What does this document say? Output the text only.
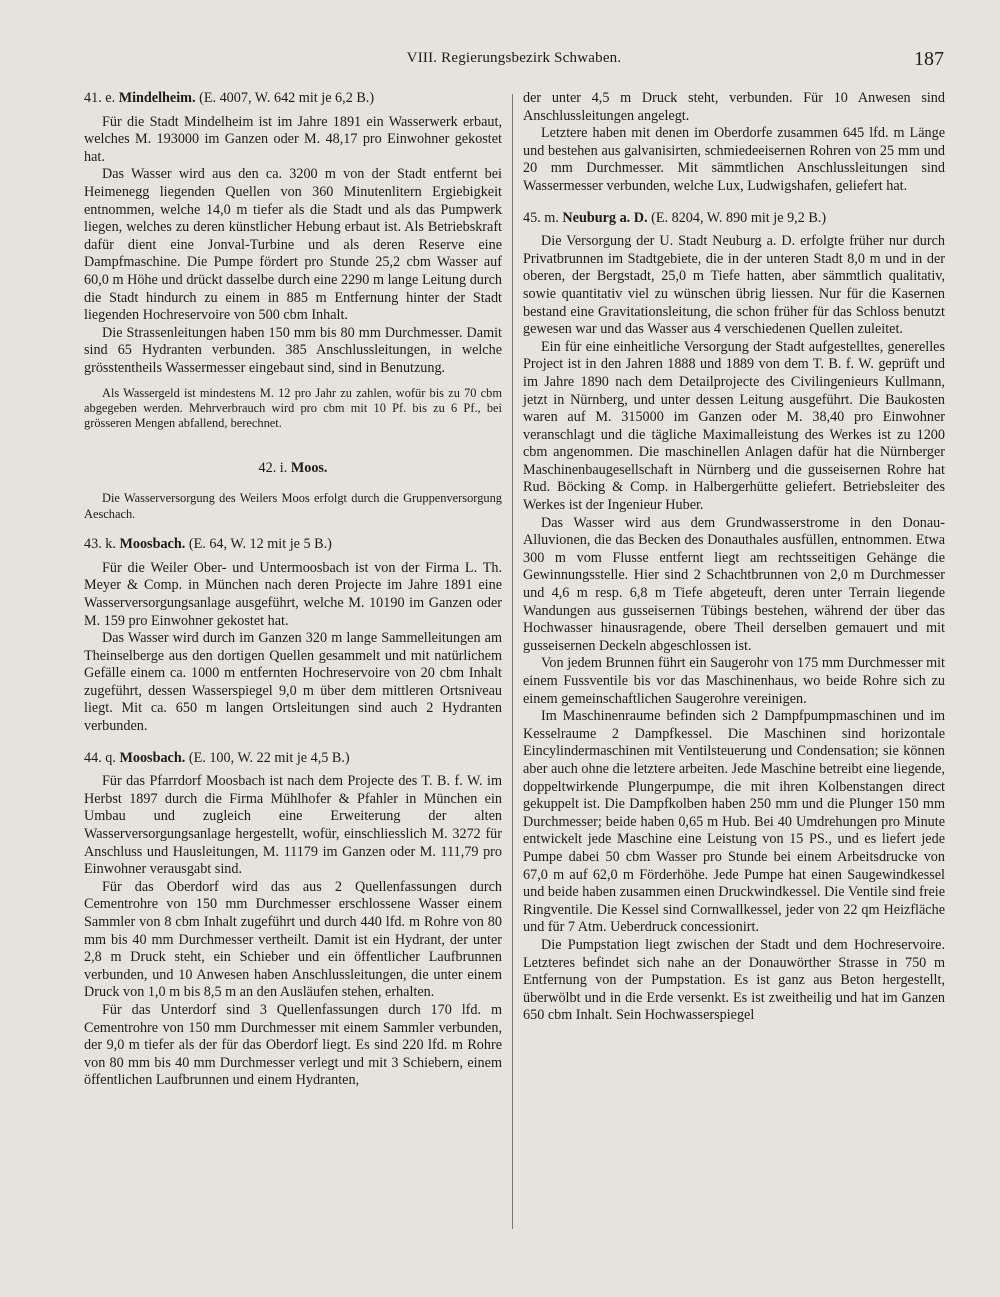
VIII. Regierungsbezirk Schwaben.	187
41. e. Mindelheim. (E. 4007, W. 642 mit je 6,2 B.)

Für die Stadt Mindelheim ist im Jahre 1891 ein Wasserwerk erbaut, welches M. 193000 im Ganzen oder M. 48,17 pro Einwohner gekostet hat.

Das Wasser wird aus den ca. 3200 m von der Stadt entfernt bei Heimenegg liegenden Quellen von 360 Minutenlitern Ergiebigkeit entnommen, welche 14,0 m tiefer als die Stadt und als das Pumpwerk liegen, welches zu deren künstlicher Hebung erbaut ist. Als Betriebskraft dafür dient eine Jonval-Turbine und als deren Reserve eine Dampfmaschine. Die Pumpe fördert pro Stunde 25,2 cbm Wasser auf 60,0 m Höhe und drückt dasselbe durch eine 2290 m lange Leitung durch die Stadt hindurch zu einem in 885 m Entfernung hinter der Stadt liegenden Hochreservoire von 500 cbm Inhalt.

Die Strassenleitungen haben 150 mm bis 80 mm Durchmesser. Damit sind 65 Hydranten verbunden. 385 Anschlussleitungen, in welche grösstentheils Wassermesser eingebaut sind, sind in Benutzung.

Als Wassergeld ist mindestens M. 12 pro Jahr zu zahlen, wofür bis zu 70 cbm abgegeben werden. Mehrverbrauch wird pro cbm mit 10 Pf. bis zu 6 Pf., bei grösseren Mengen abfallend, berechnet.

42. i. Moos.

Die Wasserversorgung des Weilers Moos erfolgt durch die Gruppenversorgung Aeschach.

43. k. Moosbach. (E. 64, W. 12 mit je 5 B.)

Für die Weiler Ober- und Untermoosbach ist von der Firma L. Th. Meyer & Comp. in München nach deren Projecte im Jahre 1891 eine Wasserversorgungsanlage ausgeführt, welche M. 10190 im Ganzen oder M. 159 pro Einwohner gekostet hat.

Das Wasser wird durch im Ganzen 320 m lange Sammelleitungen am Theinselberge aus den dortigen Quellen gesammelt und mit natürlichem Gefälle einem ca. 1000 m entfernten Hochreservoire von 20 cbm Inhalt zugeführt, dessen Wasserspiegel 9,0 m über dem mittleren Ortsniveau liegt. Mit ca. 650 m langen Ortsleitungen sind auch 2 Hydranten verbunden.

44. q. Moosbach. (E. 100, W. 22 mit je 4,5 B.)

Für das Pfarrdorf Moosbach ist nach dem Projecte des T. B. f. W. im Herbst 1897 durch die Firma Mühlhofer & Pfahler in München ein Umbau und zugleich eine Erweiterung der alten Wasserversorgungsanlage hergestellt, wofür, einschliesslich M. 3272 für Anschluss und Hausleitungen, M. 11179 im Ganzen oder M. 111,79 pro Einwohner verausgabt sind.

Für das Oberdorf wird das aus 2 Quellenfassungen durch Cementrohre von 150 mm Durchmesser erschlossene Wasser einem Sammler von 8 cbm Inhalt zugeführt und durch 440 lfd. m Rohre von 80 mm bis 40 mm Durchmesser vertheilt. Damit ist ein Hydrant, der unter 2,8 m Druck steht, ein Schieber und ein öffentlicher Laufbrunnen verbunden, und 10 Anwesen haben Anschlussleitungen, die unter einem Druck von 1,0 m bis 8,5 m an den Ausläufen stehen, erhalten.

Für das Unterdorf sind 3 Quellenfassungen durch 170 lfd. m Cementrohre von 150 mm Durchmesser mit einem Sammler verbunden, der 9,0 m tiefer als der für das Oberdorf liegt. Es sind 220 lfd. m Rohre von 80 mm bis 40 mm Durchmesser verlegt und mit 3 Schiebern, einem öffentlichen Laufbrunnen und einem Hydranten,

der unter 4,5 m Druck steht, verbunden. Für 10 Anwesen sind Anschlussleitungen angelegt.

Letztere haben mit denen im Oberdorfe zusammen 645 lfd. m Länge und bestehen aus galvanisirten, schmiedeeisernen Rohren von 25 mm und 20 mm Durchmesser. Mit sämmtlichen Anschlussleitungen sind Wassermesser verbunden, welche Lux, Ludwigshafen, geliefert hat.

45. m. Neuburg a. D. (E. 8204, W. 890 mit je 9,2 B.)

Die Versorgung der U. Stadt Neuburg a. D. erfolgte früher nur durch Privatbrunnen im Stadtgebiete, die in der unteren Stadt 8,0 m und in der oberen, der Bergstadt, 25,0 m Tiefe hatten, aber sämmtlich qualitativ, sowie quantitativ viel zu wünschen übrig liessen. Nur für die Kasernen bestand eine Gravitationsleitung, die schon früher für das Schloss benutzt gewesen war und das Wasser aus 4 verschiedenen Quellen zuleitet.

Ein für eine einheitliche Versorgung der Stadt aufgestelltes, generelles Project ist in den Jahren 1888 und 1889 von dem T. B. f. W. geprüft und im Jahre 1890 nach dem Detailprojecte des Civilingenieurs Kullmann, jetzt in Nürnberg, und unter dessen Leitung ausgeführt. Die Baukosten waren auf M. 315000 im Ganzen oder M. 38,40 pro Einwohner veranschlagt und die tägliche Maximalleistung des Werkes ist zu 1200 cbm angenommen. Die maschinellen Anlagen dafür hat die Nürnberger Maschinenbaugesellschaft in Nürnberg und die gusseisernen Rohre hat Rud. Böcking & Comp. in Halbergerhütte geliefert. Betriebsleiter des Werkes ist der Ingenieur Huber.

Das Wasser wird aus dem Grundwasserstrome in den Donau-Alluvionen, die das Becken des Donauthales ausfüllen, entnommen. Etwa 300 m vom Flusse entfernt liegt am rechtsseitigen Gehänge die Gewinnungsstelle. Hier sind 2 Schachtbrunnen von 2,0 m Durchmesser und 4,6 m resp. 6,8 m Tiefe abgeteuft, deren unter Terrain liegende Wandungen aus gusseisernen Tübings bestehen, während der über das Hochwasser hinausragende, obere Theil derselben gemauert und mit gusseisernen Deckeln abgeschlossen ist.

Von jedem Brunnen führt ein Saugerohr von 175 mm Durchmesser mit einem Fussventile bis vor das Maschinenhaus, wo beide Rohre sich zu einem gemeinschaftlichen Saugerohre vereinigen.

Im Maschinenraume befinden sich 2 Dampfpumpmaschinen und im Kesselraume 2 Dampfkessel. Die Maschinen sind horizontale Eincylindermaschinen mit Ventilsteuerung und Condensation; sie können aber auch ohne die letztere arbeiten. Jede Maschine betreibt eine liegende, doppeltwirkende Plungerpumpe, die mit ihren Kolbenstangen direct gekuppelt ist. Die Dampfkolben haben 250 mm und die Plunger 150 mm Durchmesser; beide haben 0,65 m Hub. Bei 40 Umdrehungen pro Minute entwickelt jede Maschine eine Leistung von 15 PS., und es liefert jede Pumpe dabei 50 cbm Wasser pro Stunde bei einem Arbeitsdrucke von 67,0 m auf 62,0 m Förderhöhe. Jede Pumpe hat einen Saugewindkessel und beide haben zusammen einen Druckwindkessel. Die Ventile sind freie Ringventile. Die Kessel sind Cornwallkessel, jeder von 22 qm Heizfläche und für 7 Atm. Ueberdruck concessionirt.

Die Pumpstation liegt zwischen der Stadt und dem Hochreservoire. Letzteres befindet sich nahe an der Donauwörther Strasse in 750 m Entfernung von der Pumpstation. Es ist ganz aus Beton hergestellt, überwölbt und in die Erde versenkt. Es ist zweitheilig und hat im Ganzen 650 cbm Inhalt. Sein Hochwasserspiegel
